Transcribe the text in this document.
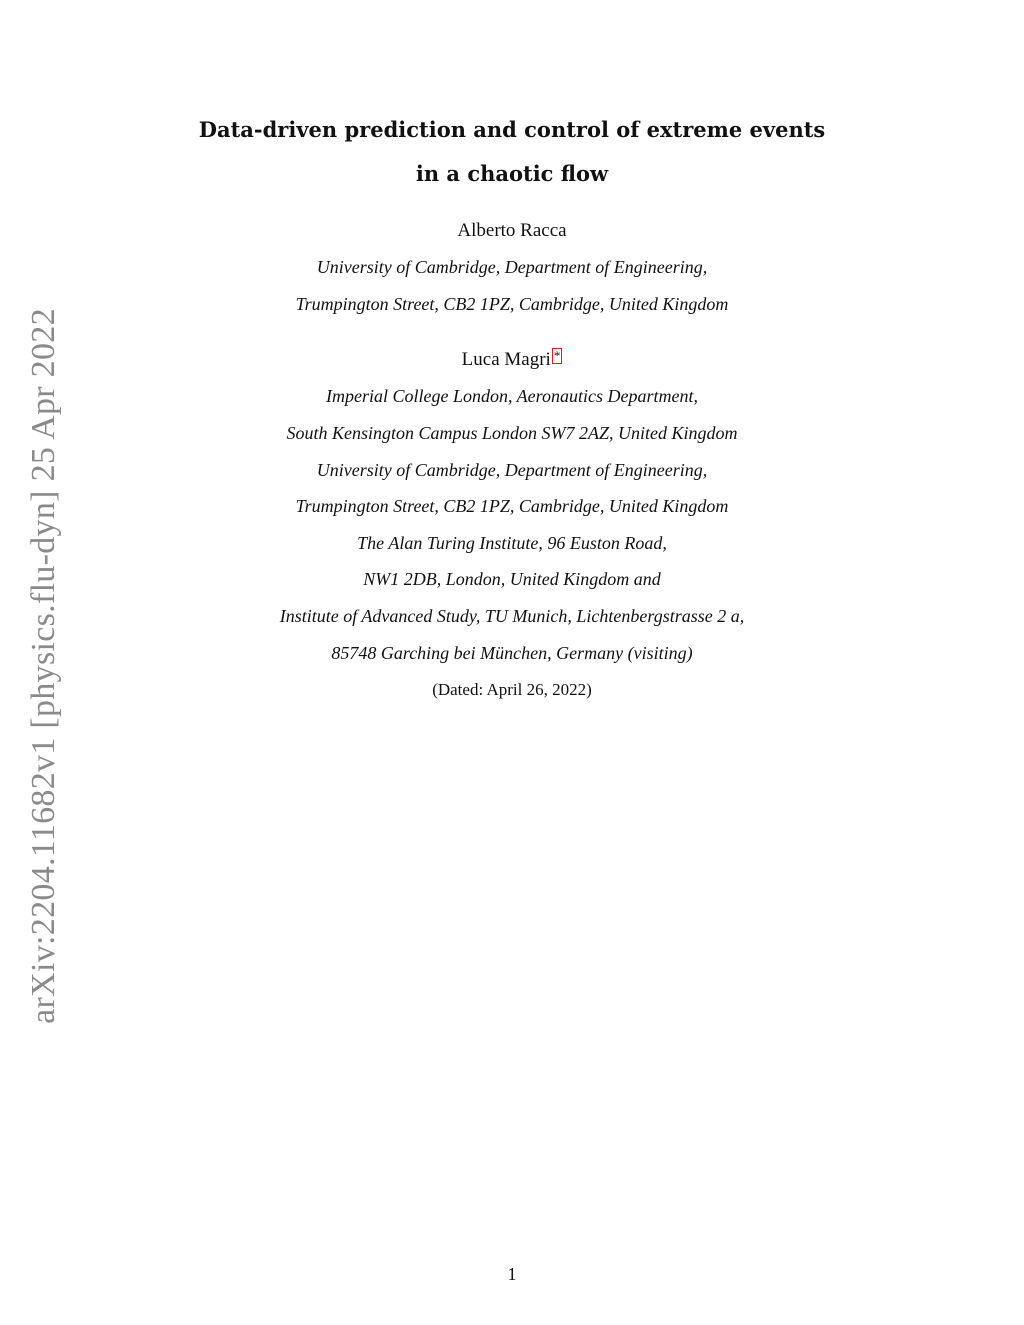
arXiv:2204.11682v1 [physics.flu-dyn] 25 Apr 2022
Data-driven prediction and control of extreme events
in a chaotic flow
Alberto Racca
University of Cambridge, Department of Engineering,
Trumpington Street, CB2 1PZ, Cambridge, United Kingdom
Luca Magri *
Imperial College London, Aeronautics Department,
South Kensington Campus London SW7 2AZ, United Kingdom
University of Cambridge, Department of Engineering,
Trumpington Street, CB2 1PZ, Cambridge, United Kingdom
The Alan Turing Institute, 96 Euston Road,
NW1 2DB, London, United Kingdom and
Institute of Advanced Study, TU Munich, Lichtenbergstrasse 2 a,
85748 Garching bei München, Germany (visiting)
(Dated: April 26, 2022)
1
